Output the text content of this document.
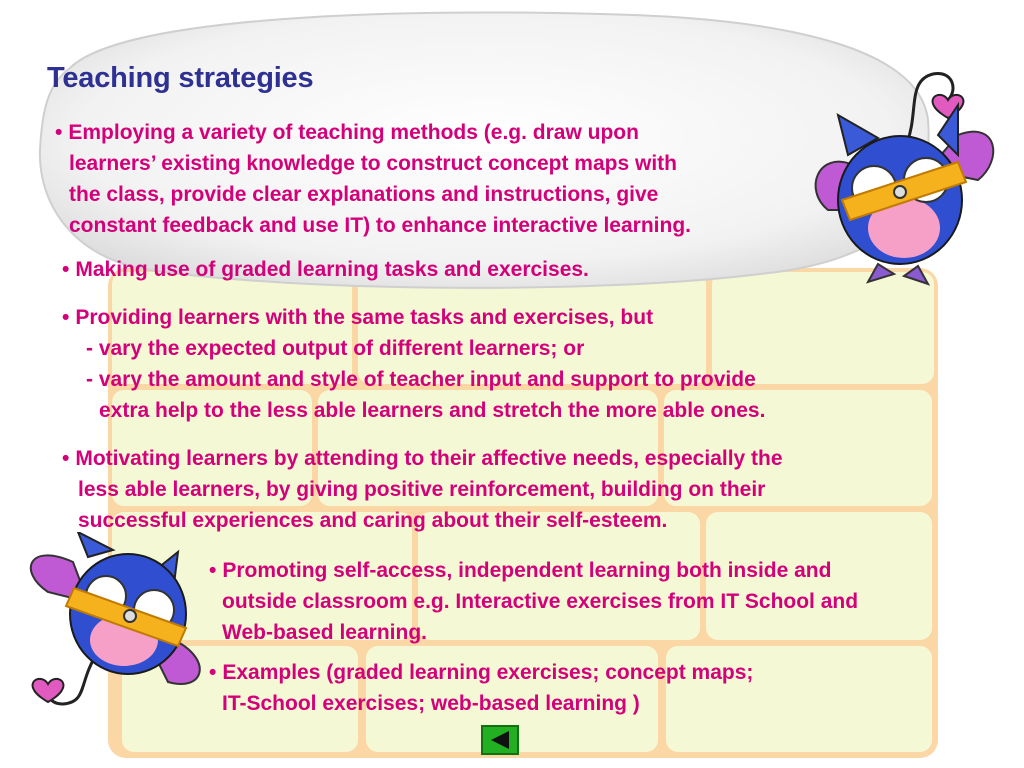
Teaching strategies
• Employing a variety of teaching methods (e.g. draw upon
learners’ existing knowledge to construct concept maps with
the class, provide clear explanations and instructions, give
constant feedback and use IT) to enhance interactive learning.
• Making use of graded learning tasks and exercises.
• Providing learners with the same tasks and exercises, but
- vary the expected output of different learners; or
- vary the amount and style of teacher input and support to provide
extra help to the less able learners and stretch the more able ones.
• Motivating learners by attending to their affective needs, especially the
less able learners, by giving positive reinforcement, building on their
successful experiences and caring about their self-esteem.
• Promoting self-access, independent learning both inside and
outside classroom e.g. Interactive exercises from IT School and
Web-based learning.
• Examples (graded learning exercises; concept maps;
IT-School exercises; web-based learning )
